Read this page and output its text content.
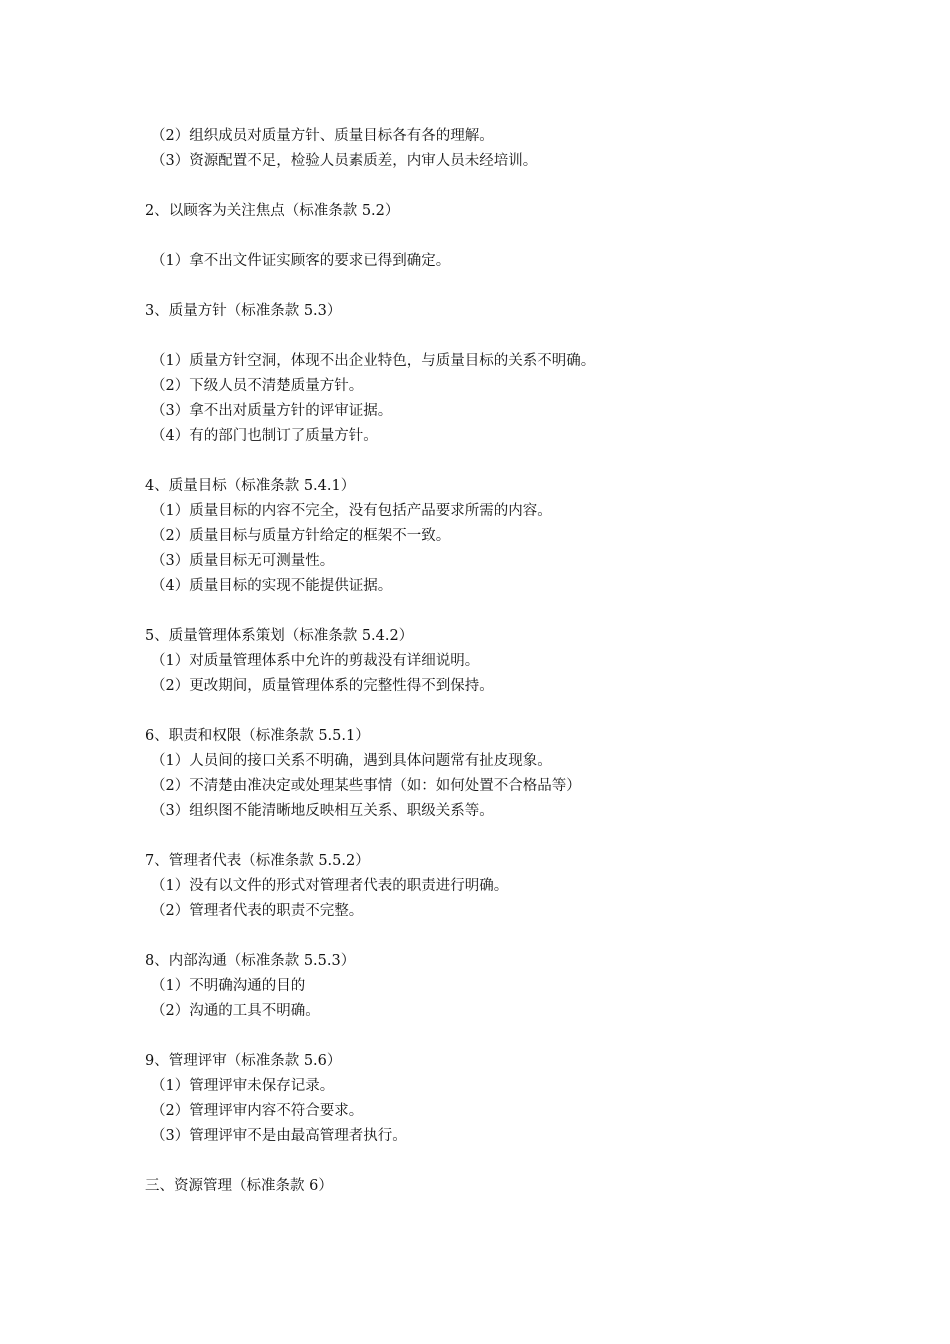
（2）组织成员对质量方针、质量目标各有各的理解。
（3）资源配置不足，检验人员素质差，内审人员未经培训。
2、以顾客为关注焦点（标准条款 5.2）
（1）拿不出文件证实顾客的要求已得到确定。
3、质量方针（标准条款 5.3）
（1）质量方针空洞，体现不出企业特色，与质量目标的关系不明确。
（2）下级人员不清楚质量方针。
（3）拿不出对质量方针的评审证据。
（4）有的部门也制订了质量方针。
4、质量目标（标准条款 5.4.1）
（1）质量目标的内容不完全，没有包括产品要求所需的内容。
（2）质量目标与质量方针给定的框架不一致。
（3）质量目标无可测量性。
（4）质量目标的实现不能提供证据。
5、质量管理体系策划（标准条款 5.4.2）
（1）对质量管理体系中允许的剪裁没有详细说明。
（2）更改期间，质量管理体系的完整性得不到保持。
6、职责和权限（标准条款 5.5.1）
（1）人员间的接口关系不明确，遇到具体问题常有扯皮现象。
（2）不清楚由准决定或处理某些事情（如：如何处置不合格品等）
（3）组织图不能清晰地反映相互关系、职级关系等。
7、管理者代表（标准条款 5.5.2）
（1）没有以文件的形式对管理者代表的职责进行明确。
（2）管理者代表的职责不完整。
8、内部沟通（标准条款 5.5.3）
（1）不明确沟通的目的
（2）沟通的工具不明确。
9、管理评审（标准条款 5.6）
（1）管理评审未保存记录。
（2）管理评审内容不符合要求。
（3）管理评审不是由最高管理者执行。
三、资源管理（标准条款 6）
